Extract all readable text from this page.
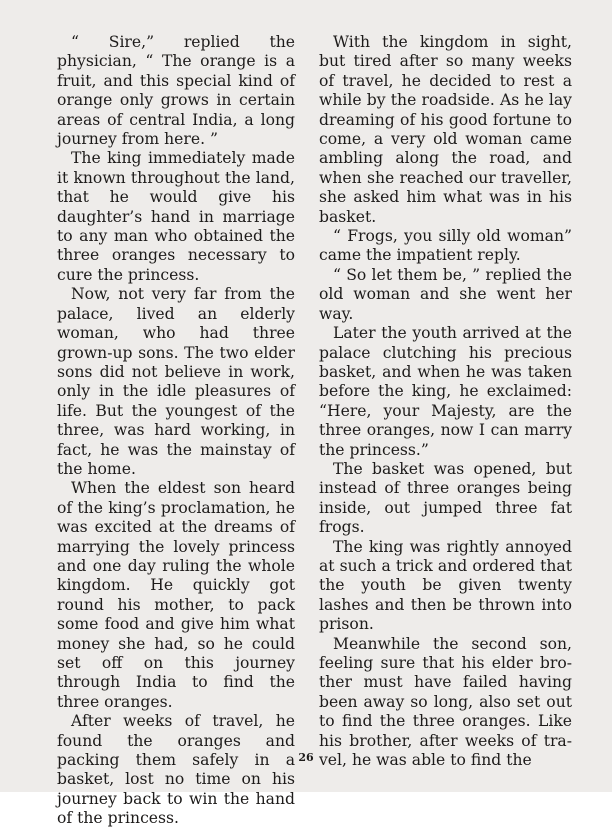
“ Sire,” replied the physician, “ The orange is a fruit, and this special kind of orange only grows in certain areas of central India, a long journey from here. ”

The king immediately made it known throughout the land, that he would give his daughter’s hand in marriage to any man who obtained the three oranges necessary to cure the princess.

Now, not very far from the palace, lived an elderly woman, who had three grown-up sons. The two elder sons did not believe in work, only in the idle pleasures of life. But the youngest of the three, was hard working, in fact, he was the mainstay of the home.

When the eldest son heard of the king’s proclamation, he was excited at the dreams of marrying the lovely princess and one day ruling the whole kingdom. He quickly got round his mother, to pack some food and give him what money she had, so he could set off on this journey through India to find the three oranges.

After weeks of travel, he found the oranges and packing them safely in a basket, lost no time on his journey back to win the hand of the princess.

With the kingdom in sight, but tired after so many weeks of travel, he decided to rest a while by the roadside. As he lay dreaming of his good fortune to come, a very old woman came ambling along the road, and when she reached our traveller, she asked him what was in his basket.

“ Frogs, you silly old woman” came the impatient reply.

“ So let them be, ” replied the old woman and she went her way.

Later the youth arrived at the palace clutching his precious basket, and when he was taken before the king, he exclaimed: “Here, your Majesty, are the three oranges, now I can marry the princess.”

The basket was opened, but instead of three oranges being inside, out jumped three fat frogs.

The king was rightly annoyed at such a trick and ordered that the youth be given twenty lashes and then be thrown into prison.

Meanwhile the second son, feeling sure that his elder brother must have failed having been away so long, also set out to find the three oranges. Like his brother, after weeks of travel, he was able to find the

26
